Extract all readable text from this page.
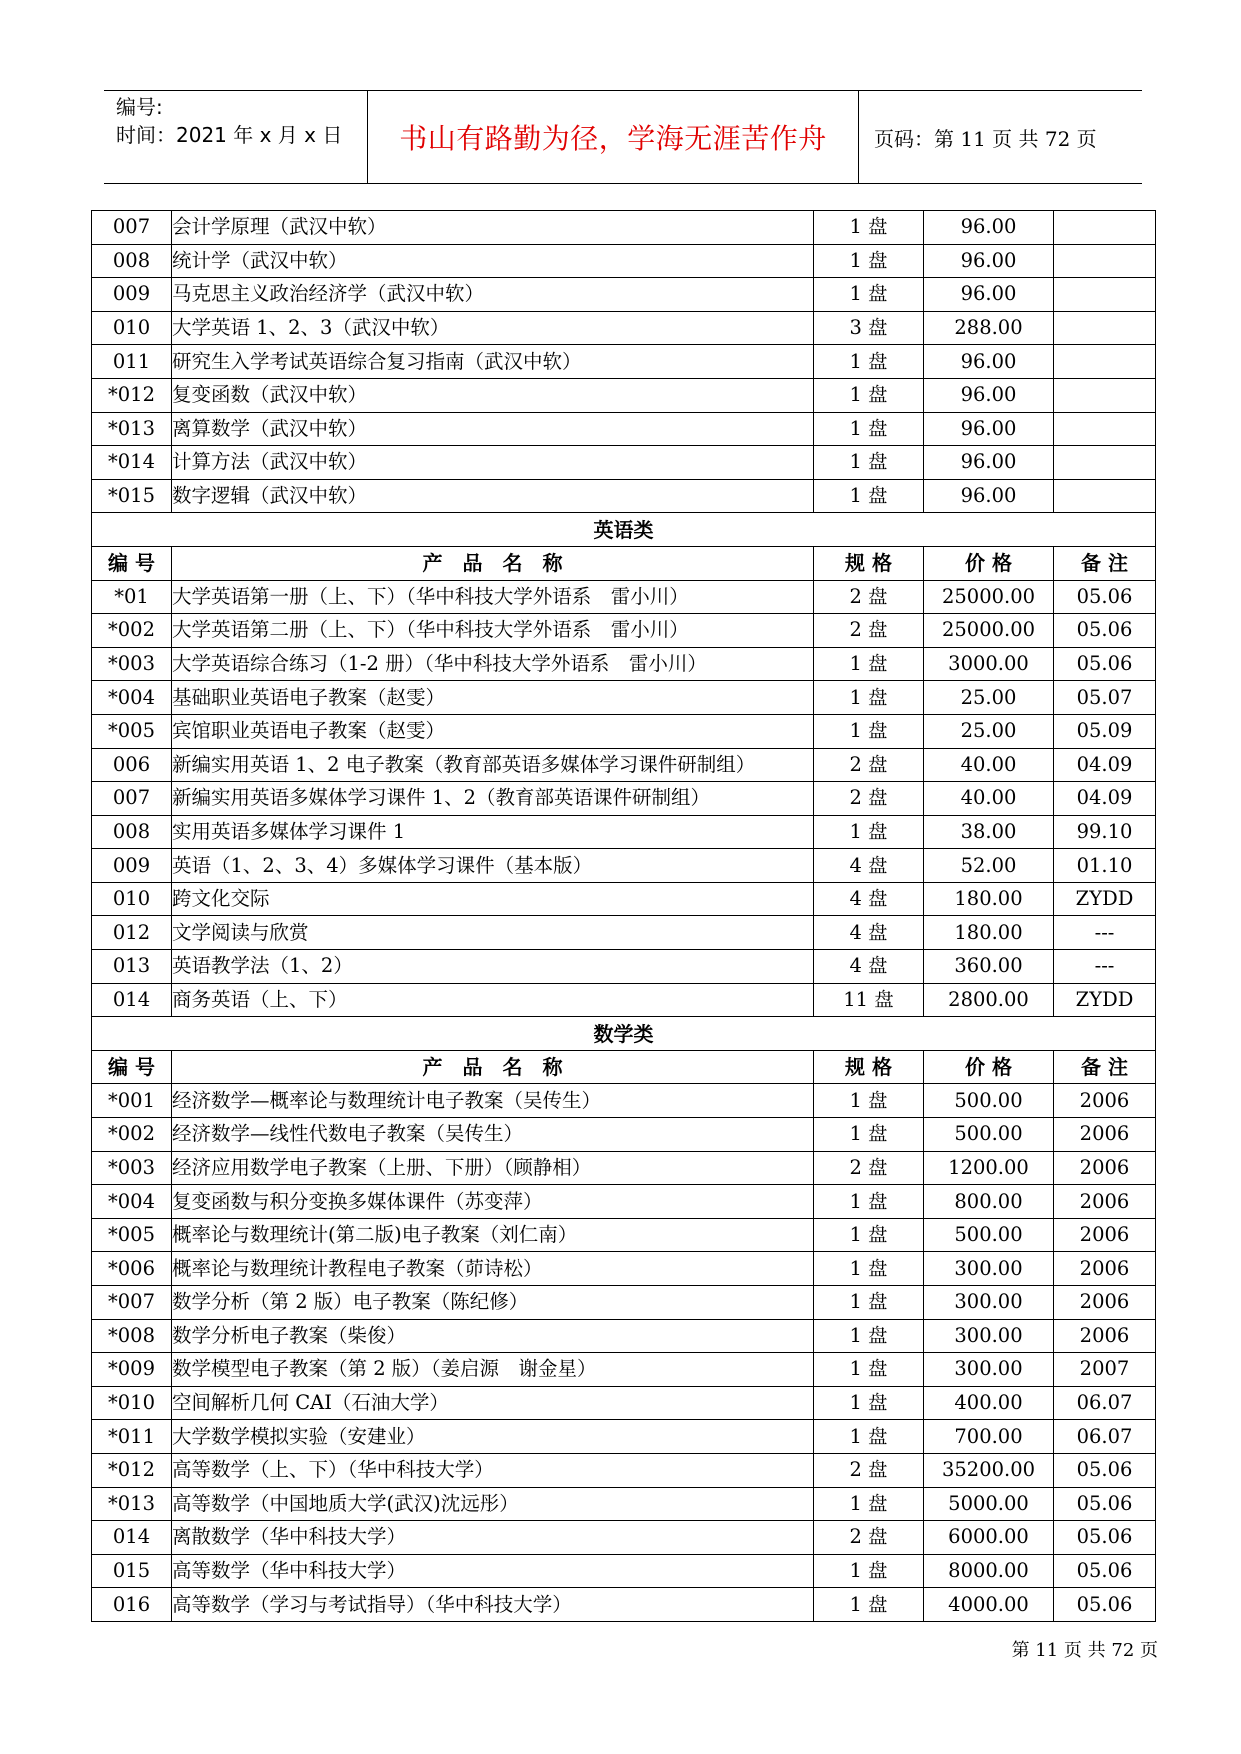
编号:
时间：2021 年 x 月 x 日	书山有路勤为径，学海无涯苦作舟	页码：第 11 页 共 72 页
007	会计学原理（武汉中软）	1 盘	96.00	
008	统计学（武汉中软）	1 盘	96.00	
009	马克思主义政治经济学（武汉中软）	1 盘	96.00	
010	大学英语 1、2、3（武汉中软）	3 盘	288.00	
011	研究生入学考试英语综合复习指南（武汉中软）	1 盘	96.00	
*012	复变函数（武汉中软）	1 盘	96.00	
*013	离算数学（武汉中软）	1 盘	96.00	
*014	计算方法（武汉中软）	1 盘	96.00	
*015	数字逻辑（武汉中软）	1 盘	96.00	
英语类				
编 号	产　品　名　称	规 格	价 格	备 注
*01	大学英语第一册（上、下）（华中科技大学外语系　雷小川）	2 盘	25000.00	05.06
*002	大学英语第二册（上、下）（华中科技大学外语系　雷小川）	2 盘	25000.00	05.06
*003	大学英语综合练习（1-2 册）（华中科技大学外语系　雷小川）	1 盘	3000.00	05.06
*004	基础职业英语电子教案（赵雯）	1 盘	25.00	05.07
*005	宾馆职业英语电子教案（赵雯）	1 盘	25.00	05.09
006	新编实用英语 1、2 电子教案（教育部英语多媒体学习课件研制组）	2 盘	40.00	04.09
007	新编实用英语多媒体学习课件 1、2（教育部英语课件研制组）	2 盘	40.00	04.09
008	实用英语多媒体学习课件 1	1 盘	38.00	99.10
009	英语（1、2、3、4）多媒体学习课件（基本版）	4 盘	52.00	01.10
010	跨文化交际	4 盘	180.00	ZYDD
012	文学阅读与欣赏	4 盘	180.00	---
013	英语教学法（1、2）	4 盘	360.00	---
014	商务英语（上、下）	11 盘	2800.00	ZYDD
数学类				
编 号	产　品　名　称	规 格	价 格	备 注
*001	经济数学—概率论与数理统计电子教案（吴传生）	1 盘	500.00	2006
*002	经济数学—线性代数电子教案（吴传生）	1 盘	500.00	2006
*003	经济应用数学电子教案（上册、下册）（顾静相）	2 盘	1200.00	2006
*004	复变函数与积分变换多媒体课件（苏变萍）	1 盘	800.00	2006
*005	概率论与数理统计(第二版)电子教案（刘仁南）	1 盘	500.00	2006
*006	概率论与数理统计教程电子教案（茆诗松）	1 盘	300.00	2006
*007	数学分析（第 2 版）电子教案（陈纪修）	1 盘	300.00	2006
*008	数学分析电子教案（柴俊）	1 盘	300.00	2006
*009	数学模型电子教案（第 2 版）（姜启源　谢金星）	1 盘	300.00	2007
*010	空间解析几何 CAI（石油大学）	1 盘	400.00	06.07
*011	大学数学模拟实验（安建业）	1 盘	700.00	06.07
*012	高等数学（上、下）（华中科技大学）	2 盘	35200.00	05.06
*013	高等数学（中国地质大学(武汉)沈远彤）	1 盘	5000.00	05.06
014	离散数学（华中科技大学）	2 盘	6000.00	05.06
015	高等数学（华中科技大学）	1 盘	8000.00	05.06
016	高等数学（学习与考试指导）（华中科技大学）	1 盘	4000.00	05.06
第 11 页 共 72 页
